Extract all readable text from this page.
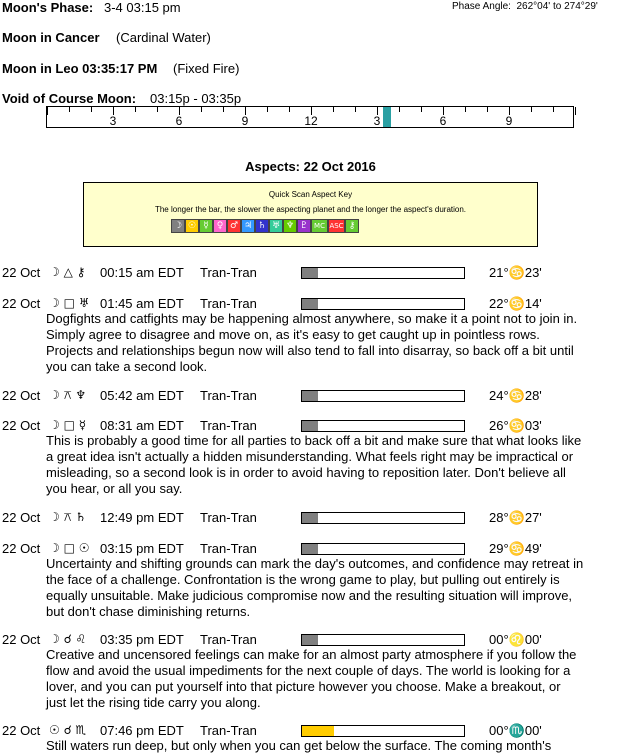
Moon's Phase: 3-4 03:15 pm	Phase Angle: 262°04' to 274°29'
Moon in Cancer (Cardinal Water)
Moon in Leo 03:35:17 PM (Fixed Fire)
Void of Course Moon: 03:15p - 03:35p
3	6	9	12	3	6	9
Aspects: 22 Oct 2016
Quick Scan Aspect Key
The longer the bar, the slower the aspecting planet and the longer the aspect's duration.
☽ ☉ ☿ ♀ ♂ ♃ ♄ ♅ ♆ ♇ MC ASC ⚷
22 Oct ☽ △ ⚷ 00:15 am EDT Tran-Tran	21°♋23'
22 Oct ☽ □ ♅ 01:45 am EDT Tran-Tran	22°♋14'
Dogfights and catfights may be happening almost anywhere, so make it a point not to join in.
Simply agree to disagree and move on, as it's easy to get caught up in pointless rows.
Projects and relationships begun now will also tend to fall into disarray, so back off a bit until
you can take a second look.
22 Oct ☽ ⚻ ♆ 05:42 am EDT Tran-Tran	24°♋28'
22 Oct ☽ □ ☿ 08:31 am EDT Tran-Tran	26°♋03'
This is probably a good time for all parties to back off a bit and make sure that what looks like
a great idea isn't actually a hidden misunderstanding. What feels right may be impractical or
misleading, so a second look is in order to avoid having to reposition later. Don't believe all
you hear, or all you say.
22 Oct ☽ ⚻ ♄ 12:49 pm EDT Tran-Tran	28°♋27'
22 Oct ☽ □ ☉ 03:15 pm EDT Tran-Tran	29°♋49'
Uncertainty and shifting grounds can mark the day's outcomes, and confidence may retreat in
the face of a challenge. Confrontation is the wrong game to play, but pulling out entirely is
equally unsuitable. Make judicious compromise now and the resulting situation will improve,
but don't chase diminishing returns.
22 Oct ☽ ☌ ♌ 03:35 pm EDT Tran-Tran	00°♌00'
Creative and uncensored feelings can make for an almost party atmosphere if you follow the
flow and avoid the usual impediments for the next couple of days. The world is looking for a
lover, and you can put yourself into that picture however you choose. Make a breakout, or
just let the rising tide carry you along.
22 Oct ☉ ☌ ♏ 07:46 pm EDT Tran-Tran	00°♏00'
Still waters run deep, but only when you can get below the surface. The coming month's
